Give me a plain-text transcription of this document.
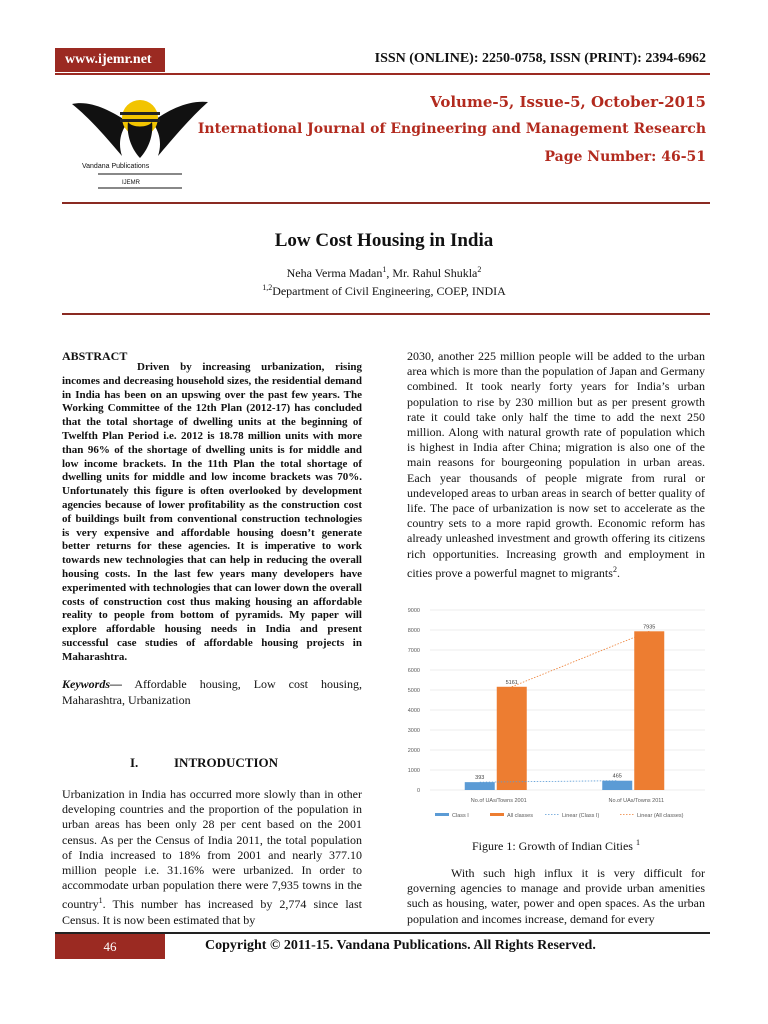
www.ijemr.net	ISSN (ONLINE): 2250-0758, ISSN (PRINT): 2394-6962
Vandana Publications
IJEMR
Volume-5, Issue-5, October-2015
International Journal of Engineering and Management Research
Page Number: 46-51
Low Cost Housing in India
Neha Verma Madan$^1$, Mr. Rahul Shukla$^2$
$^{1,2}$Department of Civil Engineering, COEP, INDIA
ABSTRACT
Driven by increasing urbanization, rising incomes and decreasing household sizes, the residential demand in India has been on an upswing over the past few years. The Working Committee of the 12th Plan (2012-17) has concluded that the total shortage of dwelling units at the beginning of Twelfth Plan Period i.e. 2012 is 18.78 million units with more than 96% of the shortage of dwelling units is for middle and low income brackets. In the 11th Plan the total shortage of dwelling units for middle and low income brackets was 70%. Unfortunately this figure is often overlooked by development agencies because of lower profitability as the construction cost of buildings built from conventional construction technologies is very expensive and affordable housing doesn’t generate better returns for these agencies. It is imperative to work towards new technologies that can help in reducing the overall housing costs. In the last few years many developers have experimented with technologies that can lower down the overall costs of construction cost thus making housing an affordable reality to people from bottom of pyramids. My paper will explore affordable housing needs in India and present successful case studies of affordable housing projects in Maharashtra.
Keywords— Affordable housing, Low cost housing, Maharashtra, Urbanization
I.	INTRODUCTION
Urbanization in India has occurred more slowly than in other developing countries and the proportion of the population in urban areas has been only 28 per cent based on the 2001 census. As per the Census of India 2011, the total population of India increased to 18% from 2001 and nearly 377.10 million people i.e. 31.16% were urbanized. In order to accommodate urban population there were 7,935 towns in the country$^1$. This number has increased by 2,774 since last Census. It is now been estimated that by
2030, another 225 million people will be added to the urban area which is more than the population of Japan and Germany combined. It took nearly forty years for India’s urban population to rise by 230 million but as per present growth rate it could take only half the time to add the next 250 million. Along with natural growth rate of population which is highest in India after China; migration is also one of the main reasons for bourgeoning population in urban areas. Each year thousands of people migrate from rural or undeveloped areas to urban areas in search of better quality of life. The pace of urbanization is now set to accelerate as the country sets to a more rapid growth. Economic reform has already unleashed investment and growth offering its citizens rich opportunities. Increasing growth and employment in cities prove a powerful magnet to migrants$^2$.
0
1000
2000
3000
4000
5000
6000
7000
8000
9000
No.of UAs/Towns 2001	No.of UAs/Towns 2011
393
5161
465
7935
Class I	All classes	Linear (Class I)	Linear (All classes)
Figure 1: Growth of Indian Cities $^1$
With such high influx it is very difficult for governing agencies to manage and provide urban amenities such as housing, water, power and open spaces. As the urban population and incomes increase, demand for every
46	Copyright © 2011-15. Vandana Publications. All Rights Reserved.
